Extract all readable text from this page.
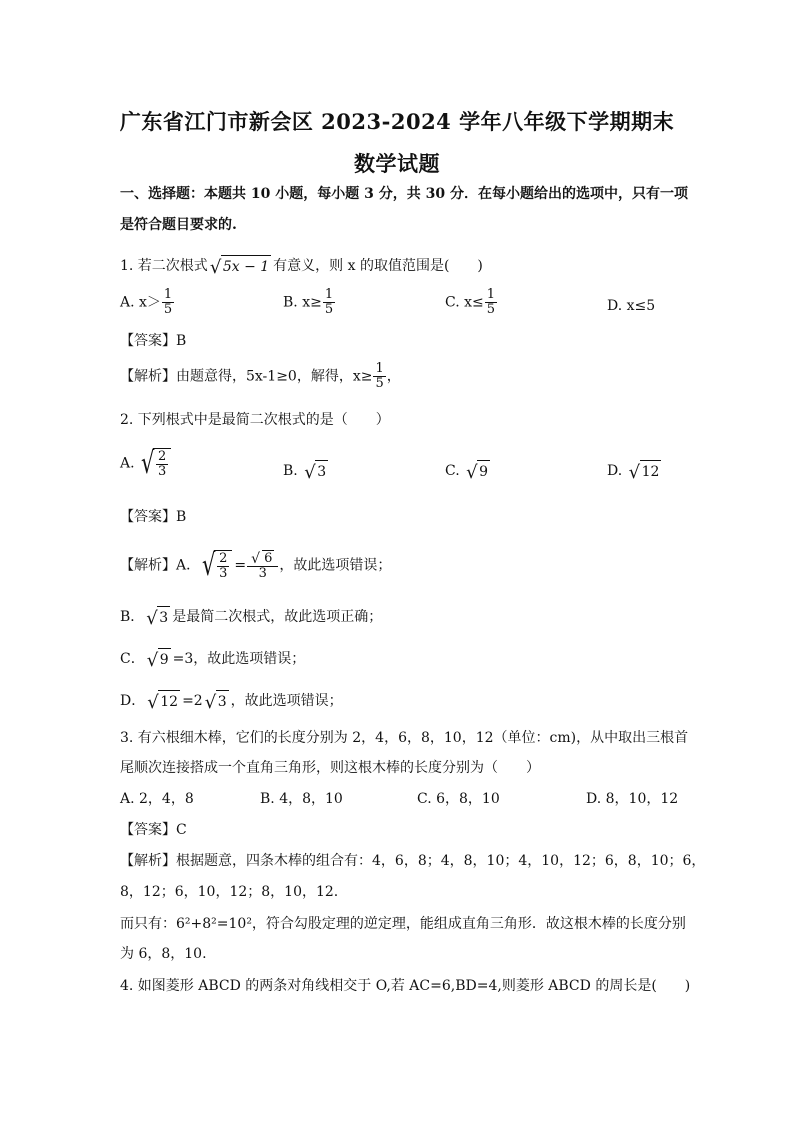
广东省江门市新会区 2023-2024 学年八年级下学期期末
数学试题
一、选择题：本题共 10 小题，每小题 3 分，共 30 分．在每小题给出的选项中，只有一项
是符合题目要求的.
1. 若二次根式 √ 5x − 1 有意义，则 x 的取值范围是(　　)
A. $x> \frac{1}{5}$	B. $x\ge \frac{1}{5}$	C. $x\le \frac{1}{5}$	D. x≤5
【答案】B
【解析】由题意得，5x-1≥0，解得，$x\ge \frac{1}{5}$ ，
2. 下列根式中是最简二次根式的是（　　）
A. √ $\frac{2}{3}$	B. √ 3	C. √ 9	D. √ 12
【答案】B
【解析】A． √ $\frac{2}{3} = \frac{√ 6}{3}$ ，故此选项错误；
B． √ 3 是最简二次根式，故此选项正确；
C． √ 9 =3，故此选项错误；
D． √ 12 =2 √ 3 ，故此选项错误；
3. 有六根细木棒，它们的长度分别为 2，4，6，8，10，12（单位：cm)，从中取出三根首
尾顺次连接搭成一个直角三角形，则这根木棒的长度分别为（　　）
A. 2，4，8	B. 4，8，10	C. 6，8，10	D. 8，10，12
【答案】C
【解析】根据题意，四条木棒的组合有：4，6，8；4，8，10；4，10，12；6，8，10；6，
8，12；6，10，12；8，10，12.
而只有：6²+8²=10²，符合勾股定理的逆定理，能组成直角三角形．故这根木棒的长度分别
为 6，8，10.
4. 如图菱形 ABCD 的两条对角线相交于 O,若 AC=6,BD=4,则菱形 ABCD 的周长是(　　)
